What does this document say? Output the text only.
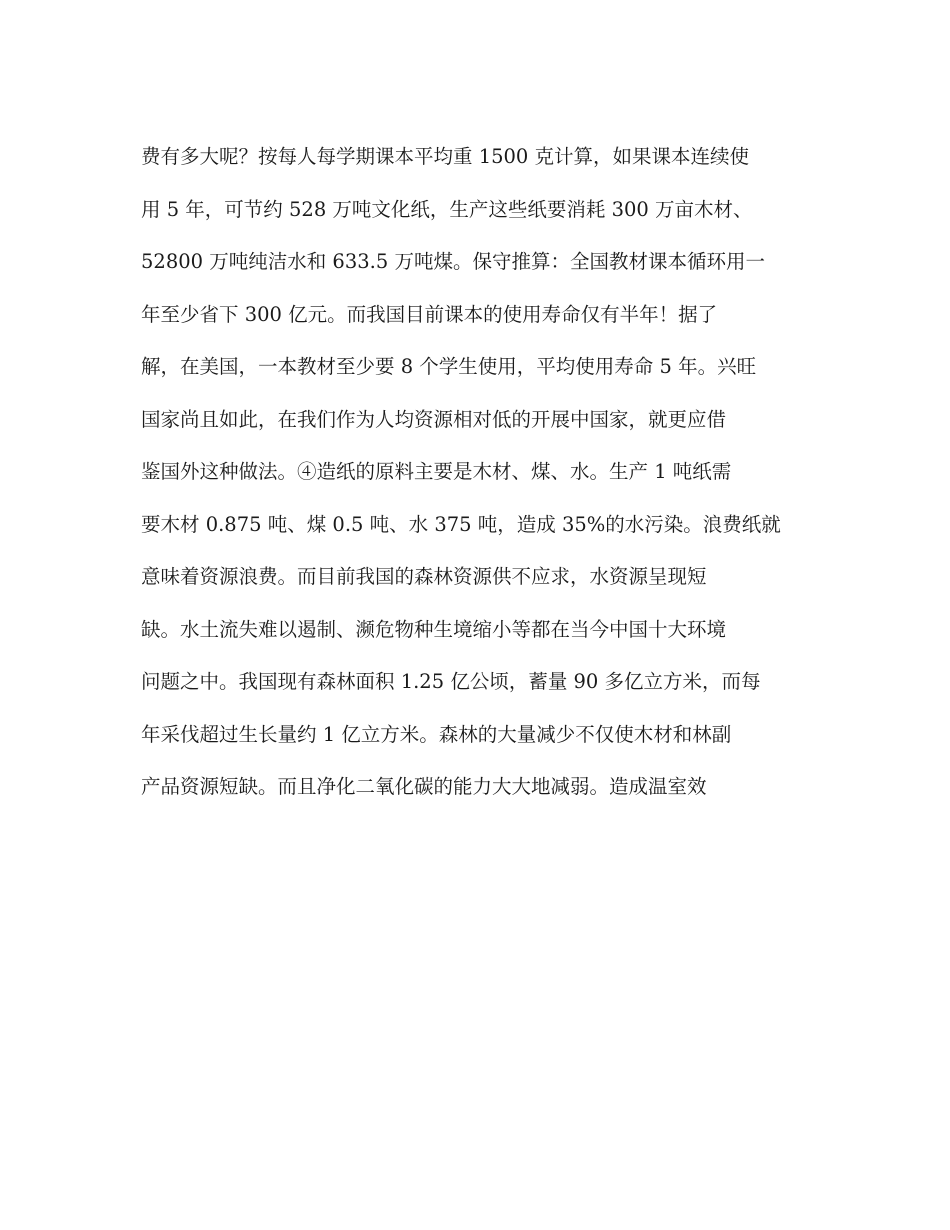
费有多大呢？按每人每学期课本平均重 1500 克计算，如果课本连续使
用 5 年，可节约 528 万吨文化纸，生产这些纸要消耗 300 万亩木材、
52800 万吨纯洁水和 633.5 万吨煤。保守推算：全国教材课本循环用一
年至少省下 300 亿元。而我国目前课本的使用寿命仅有半年！据了
解，在美国，一本教材至少要 8 个学生使用，平均使用寿命 5 年。兴旺
国家尚且如此，在我们作为人均资源相对低的开展中国家，就更应借
鉴国外这种做法。④造纸的原料主要是木材、煤、水。生产 1 吨纸需
要木材 0.875 吨、煤 0.5 吨、水 375 吨，造成 35%的水污染。浪费纸就
意味着资源浪费。而目前我国的森林资源供不应求，水资源呈现短
缺。水土流失难以遏制、濒危物种生境缩小等都在当今中国十大环境
问题之中。我国现有森林面积 1.25 亿公顷，蓄量 90 多亿立方米，而每
年采伐超过生长量约 1 亿立方米。森林的大量减少不仅使木材和林副
产品资源短缺。而且净化二氧化碳的能力大大地减弱。造成温室效
